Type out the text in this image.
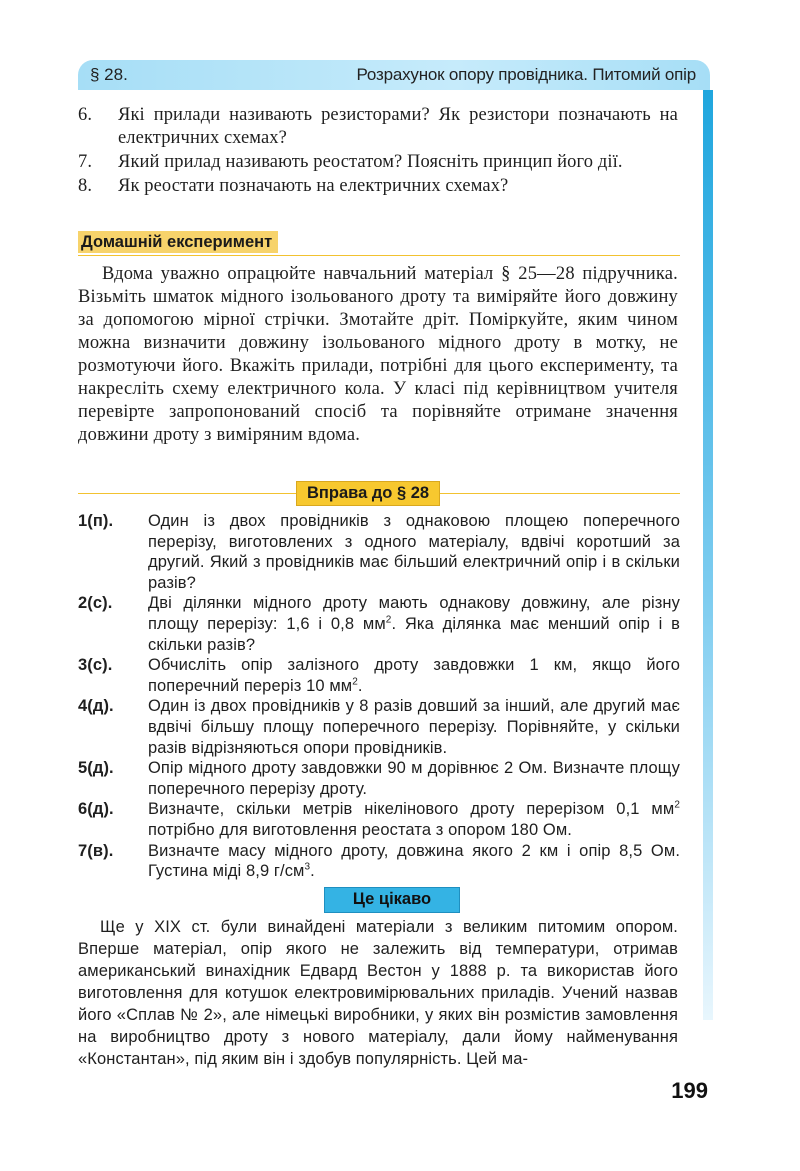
§ 28.	Розрахунок опору провідника. Питомий опір
6.	Які прилади називають резисторами? Як резистори позначають на електричних схемах?
7.	Який прилад називають реостатом? Поясніть принцип його дії.
8.	Як реостати позначають на електричних схемах?
Домашній експеримент

Вдома уважно опрацюйте навчальний матеріал § 25—28 підручника. Візьміть шматок мідного ізольованого дроту та виміряйте його довжину за допомогою мірної стрічки. Змотайте дріт. Поміркуйте, яким чином можна визначити довжину ізольованого мідного дроту в мотку, не розмотуючи його. Вкажіть прилади, потрібні для цього експерименту, та накресліть схему електричного кола. У класі під керівництвом учителя перевірте запропонований спосіб та порівняйте отримане значення довжини дроту з виміряним вдома.

Вправа до § 28
1(п).	Один із двох провідників з однаковою площею поперечного перерізу, виготовлених з одного матеріалу, вдвічі коротший за другий. Який з провідників має більший електричний опір і в скільки разів?
2(с).	Дві ділянки мідного дроту мають однакову довжину, але різну площу перерізу: 1,6 і 0,8 $мм^2$. Яка ділянка має менший опір і в скільки разів?
3(с).	Обчисліть опір залізного дроту завдовжки 1 км, якщо його поперечний переріз 10 $мм^2$.
4(д).	Один із двох провідників у 8 разів довший за інший, але другий має вдвічі більшу площу поперечного перерізу. Порівняйте, у скільки разів відрізняються опори провідників.
5(д).	Опір мідного дроту завдовжки 90 м дорівнює 2 Ом. Визначте площу поперечного перерізу дроту.
6(д).	Визначте, скільки метрів нікелінового дроту перерізом 0,1 $мм^2$ потрібно для виготовлення реостата з опором 180 Ом.
7(в).	Визначте масу мідного дроту, довжина якого 2 км і опір 8,5 Ом. Густина міді 8,9 $г/см^3$.
Це цікаво

Ще у XIX ст. були винайдені матеріали з великим питомим опором. Вперше матеріал, опір якого не залежить від температури, отримав американський винахідник Едвард Вестон у 1888 р. та використав його виготовлення для котушок електровимірювальних приладів. Учений назвав його «Сплав № 2», але німецькі виробники, у яких він розмістив замовлення на виробництво дроту з нового матеріалу, дали йому найменування «Константан», під яким він і здобув популярність. Цей ма-

199
